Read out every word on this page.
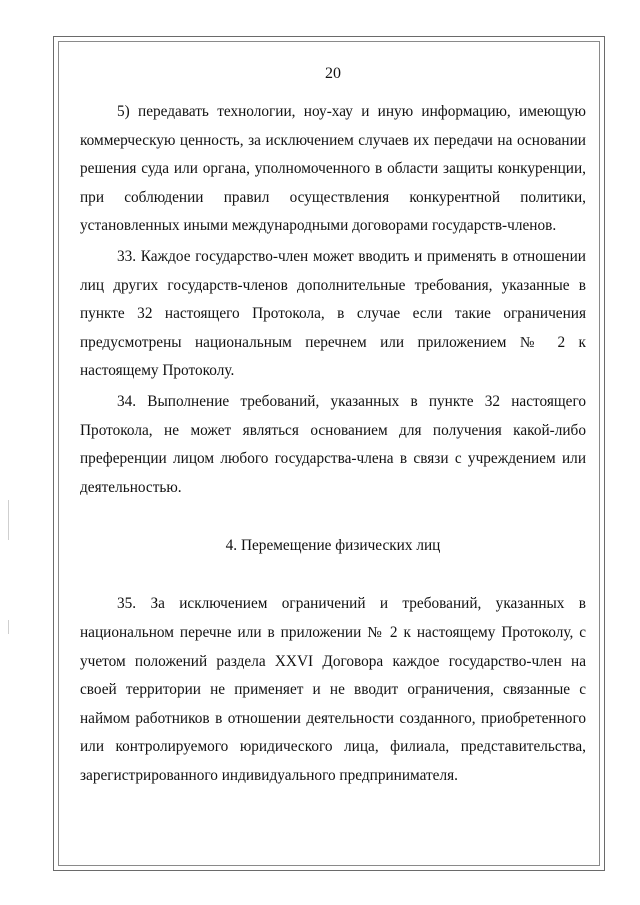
20

5) передавать технологии, ноу-хау и иную информацию, имеющую коммерческую ценность, за исключением случаев их передачи на основании решения суда или органа, уполномоченного в области защиты конкуренции, при соблюдении правил осуществления конкурентной политики, установленных иными международными договорами государств-членов.

33. Каждое государство-член может вводить и применять в отношении лиц других государств-членов дополнительные требования, указанные в пункте 32 настоящего Протокола, в случае если такие ограничения предусмотрены национальным перечнем или приложением № 2 к настоящему Протоколу.

34. Выполнение требований, указанных в пункте 32 настоящего Протокола, не может являться основанием для получения какой-либо преференции лицом любого государства-члена в связи с учреждением или деятельностью.

4. Перемещение физических лиц

35. За исключением ограничений и требований, указанных в национальном перечне или в приложении № 2 к настоящему Протоколу, с учетом положений раздела XXVI Договора каждое государство-член на своей территории не применяет и не вводит ограничения, связанные с наймом работников в отношении деятельности созданного, приобретенного или контролируемого юридического лица, филиала, представительства, зарегистрированного индивидуального предпринимателя.
